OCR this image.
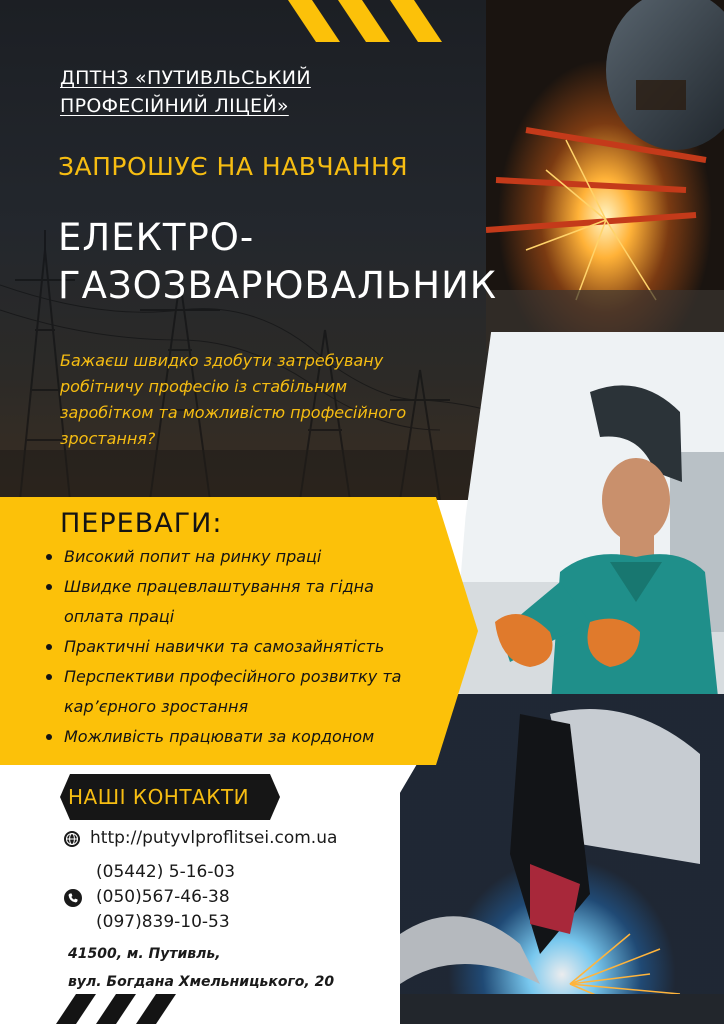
ДПТНЗ «ПУТИВЛЬСЬКИЙ
ПРОФЕСІЙНИЙ ЛІЦЕЙ»
ЗАПРОШУЄ НА НАВЧАННЯ
ЕЛЕКТРО-
ГАЗОЗВАРЮВАЛЬНИК
Бажаєш швидко здобути затребувану робітничу професію із стабільним заробітком та можливістю професійного зростання?
ПЕРЕВАГИ:
Високий попит на ринку праці
Швидке працевлаштування та гідна оплата праці
Практичні навички та самозайнятість
Перспективи професійного розвитку та кар’єрного зростання
Можливість працювати за кордоном
НАШІ КОНТАКТИ
http://putyvlproflitsei.com.ua
(05442) 5-16-03
(050)567-46-38
(097)839-10-53
41500, м. Путивль,
вул. Богдана Хмельницького, 20
